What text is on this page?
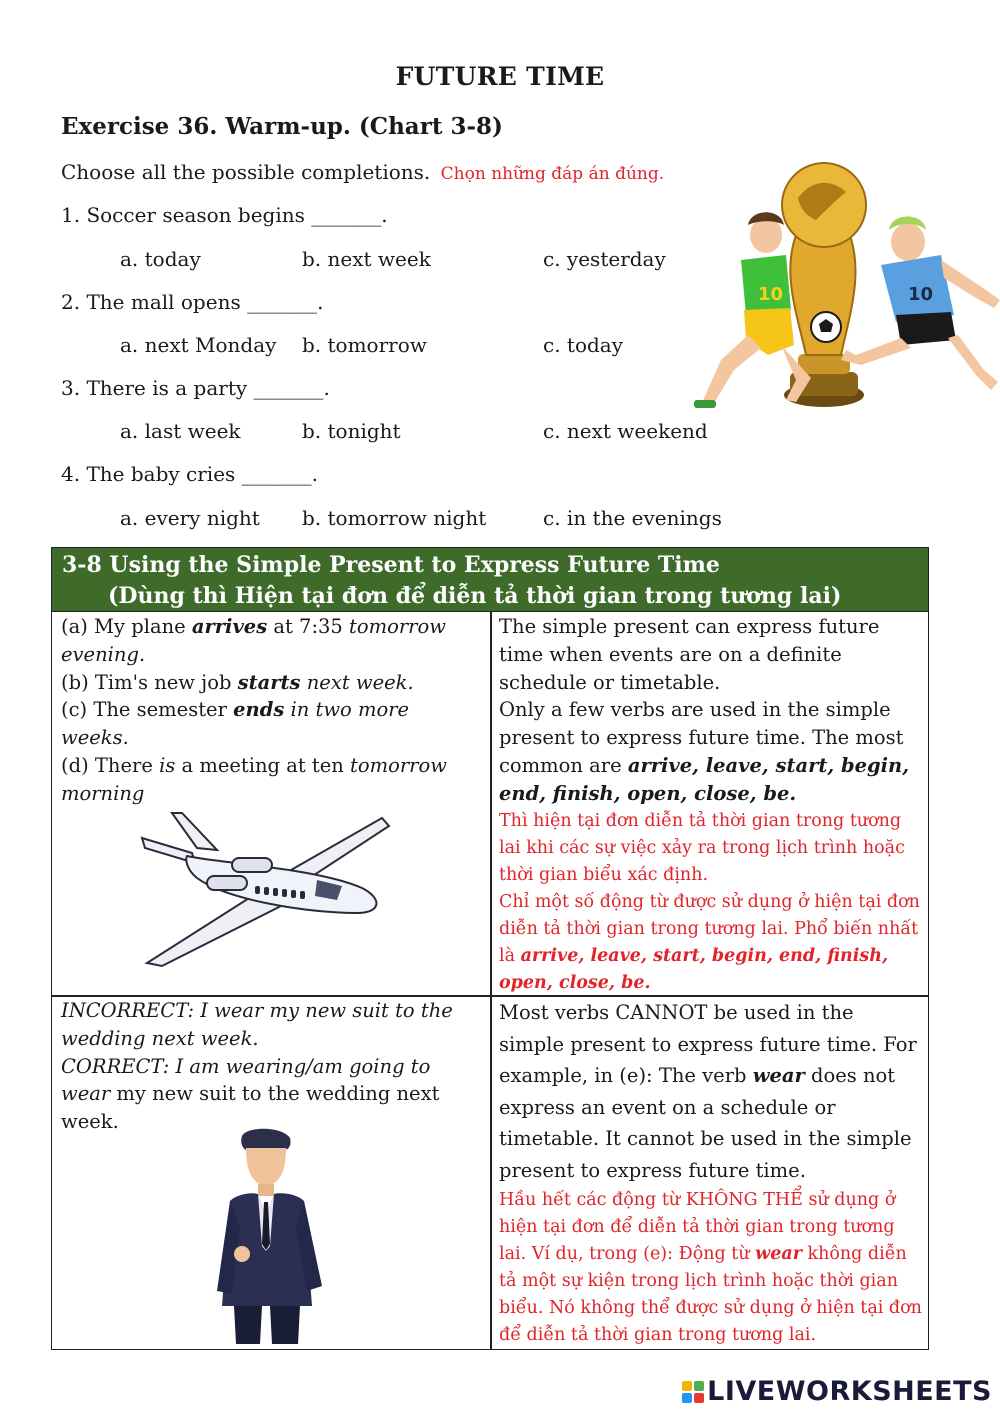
FUTURE TIME
Exercise 36. Warm-up. (Chart 3-8)
Choose all the possible completions. Chọn những đáp án đúng.
1. Soccer season begins _______.
a. today	b. next week	c. yesterday
2. The mall opens _______.
a. next Monday b. tomorrow	c. today
3. There is a party _______.
a. last week	b. tonight	c. next weekend
4. The baby cries _______.
a. every night b. tomorrow night	c. in the evenings
10	10
3-8 Using the Simple Present to Express Future Time
(Dùng thì Hiện tại đơn để diễn tả thời gian trong tương lai)
(a) My plane arrives at 7:35 tomorrow evening.
(b) Tim's new job starts next week.
(c) The semester ends in two more weeks.
(d) There is a meeting at ten tomorrow morning
The simple present can express future time when events are on a definite schedule or timetable.
Only a few verbs are used in the simple present to express future time. The most common are arrive, leave, start, begin, end, finish, open, close, be.
Thì hiện tại đơn diễn tả thời gian trong tương lai khi các sự việc xảy ra trong lịch trình hoặc thời gian biểu xác định.
Chỉ một số động từ được sử dụng ở hiện tại đơn diễn tả thời gian trong tương lai. Phổ biến nhất là arrive, leave, start, begin, end, finish, open, close, be.
INCORRECT: I wear my new suit to the wedding next week.
CORRECT: I am wearing/am going to wear my new suit to the wedding next week.
Most verbs CANNOT be used in the simple present to express future time. For example, in (e): The verb wear does not express an event on a schedule or timetable. It cannot be used in the simple present to express future time.
Hầu hết các động từ KHÔNG THỂ sử dụng ở hiện tại đơn để diễn tả thời gian trong tương lai. Ví dụ, trong (e): Động từ wear không diễn tả một sự kiện trong lịch trình hoặc thời gian biểu. Nó không thể được sử dụng ở hiện tại đơn để diễn tả thời gian trong tương lai.
LIVEWORKSHEETS
